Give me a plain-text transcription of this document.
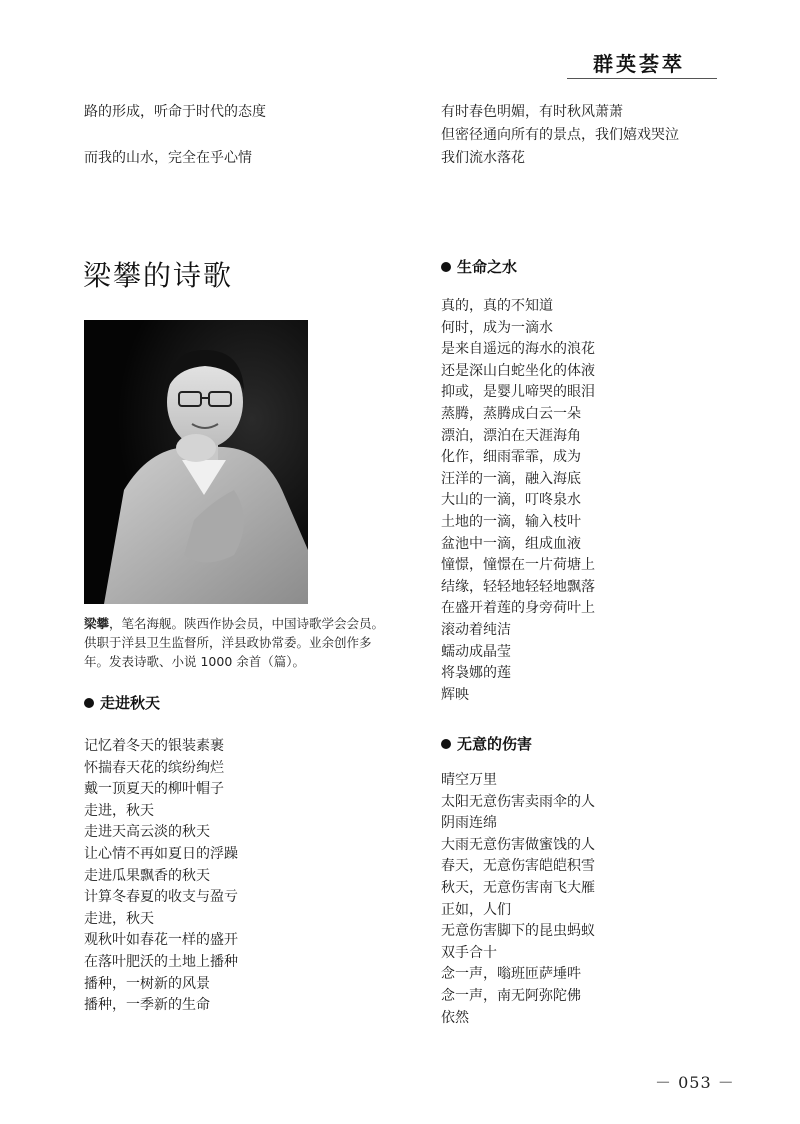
群英荟萃
路的形成，听命于时代的态度
而我的山水，完全在乎心情
有时春色明媚，有时秋风萧萧
但密径通向所有的景点，我们嬉戏哭泣
我们流水落花
梁攀的诗歌
梁攀，笔名海舰。陕西作协会员，中国诗歌学会会员。供职于洋县卫生监督所，洋县政协常委。业余创作多年。发表诗歌、小说 1000 余首（篇）。
走进秋天
记忆着冬天的银装素裹
怀揣春天花的缤纷绚烂
戴一顶夏天的柳叶帽子
走进，秋天
走进天高云淡的秋天
让心情不再如夏日的浮躁
走进瓜果飘香的秋天
计算冬春夏的收支与盈亏
走进，秋天
观秋叶如春花一样的盛开
在落叶肥沃的土地上播种
播种，一树新的风景
播种，一季新的生命
生命之水
真的，真的不知道
何时，成为一滴水
是来自遥远的海水的浪花
还是深山白蛇坐化的体液
抑或，是婴儿啼哭的眼泪
蒸腾，蒸腾成白云一朵
漂泊，漂泊在天涯海角
化作，细雨霏霏，成为
汪洋的一滴，融入海底
大山的一滴，叮咚泉水
土地的一滴，输入枝叶
盆池中一滴，组成血液
憧憬，憧憬在一片荷塘上
结缘，轻轻地轻轻地飘落
在盛开着莲的身旁荷叶上
滚动着纯洁
蠕动成晶莹
将袅娜的莲
辉映
无意的伤害
晴空万里
太阳无意伤害卖雨伞的人
阴雨连绵
大雨无意伤害做蜜饯的人
春天，无意伤害皑皑积雪
秋天，无意伤害南飞大雁
正如，人们
无意伤害脚下的昆虫蚂蚁
双手合十
念一声，嗡班匝萨埵吽
念一声，南无阿弥陀佛
依然
－ 053 －
